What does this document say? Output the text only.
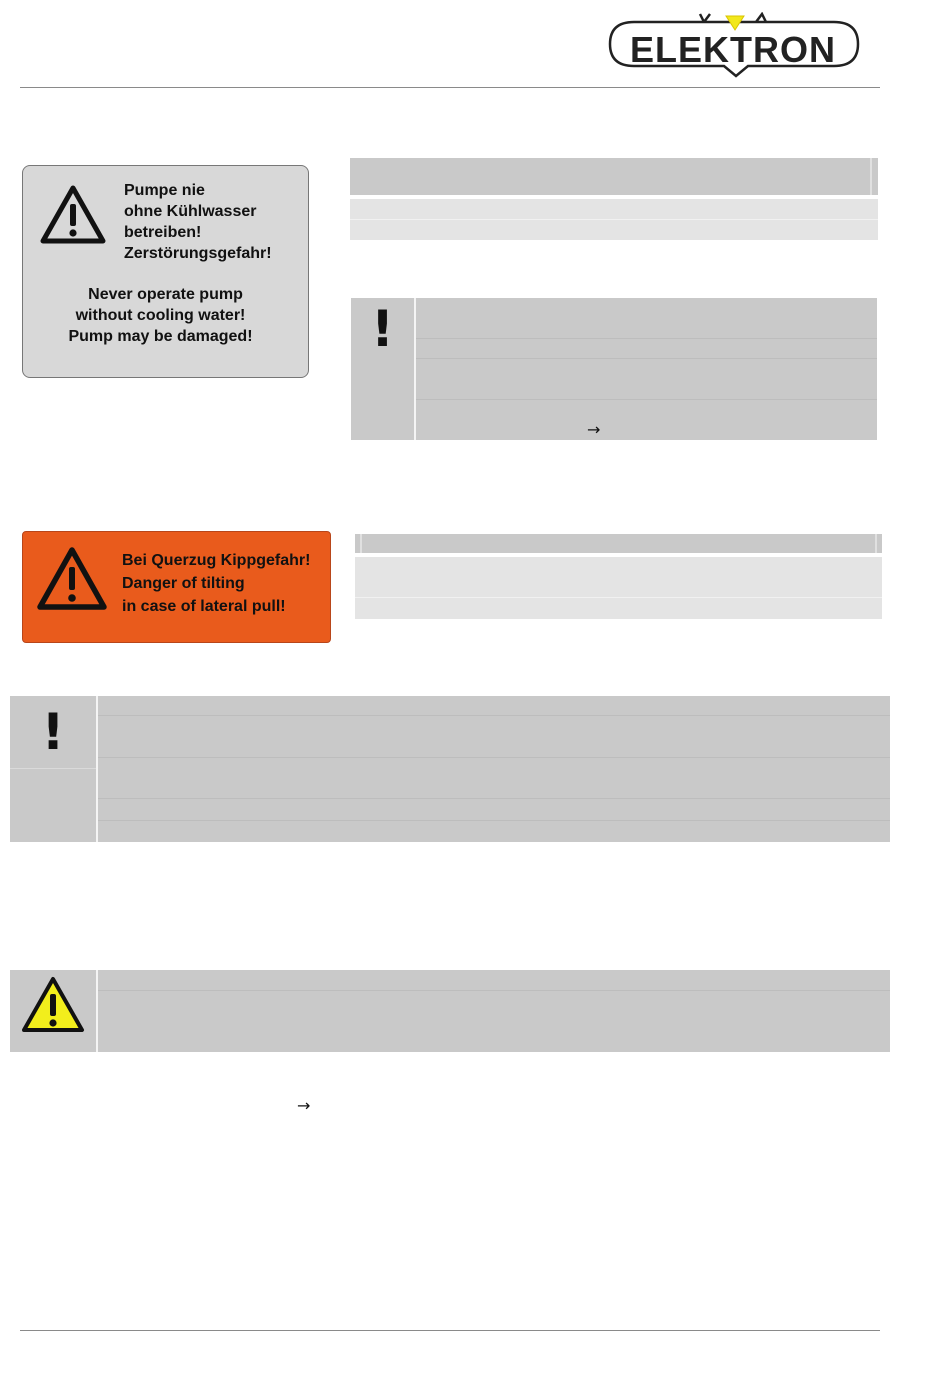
ELEKTRON
Pumpe nie
ohne Kühlwasser
betreiben!
Zerstörungsgefahr!
Never operate pump
without cooling water!
Pump may be damaged!	!
→
Bei Querzug Kippgefahr!
Danger of tilting
in case of lateral pull!
!
→
